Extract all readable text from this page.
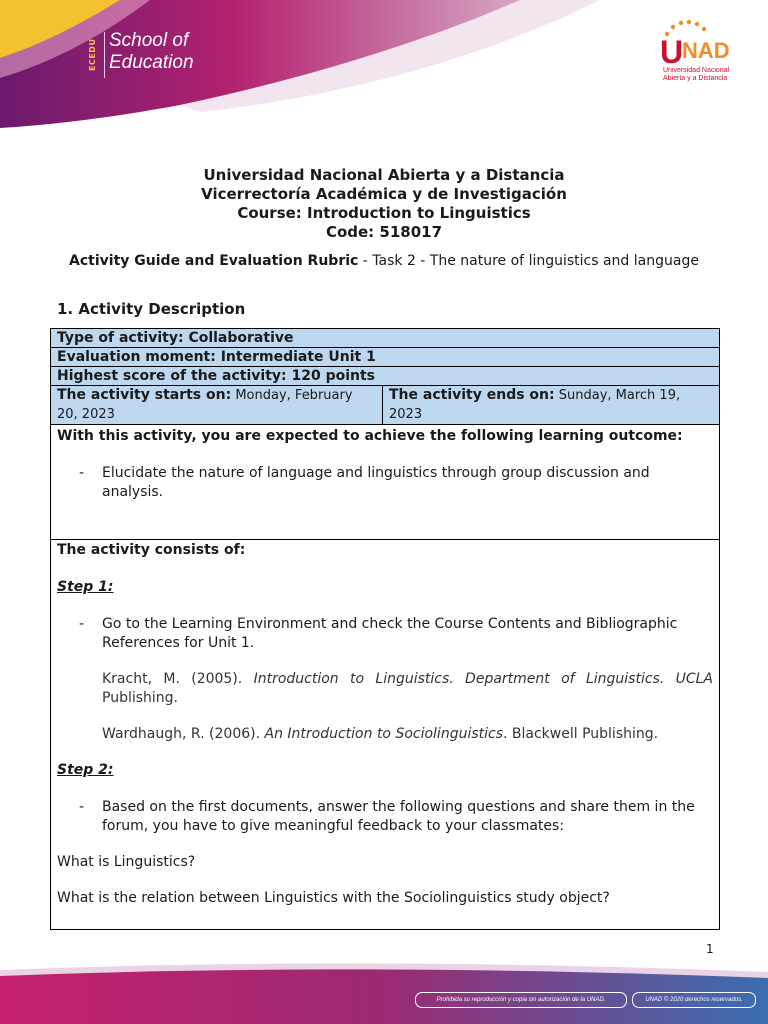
ECEDU School of
Education	U
NAD
Universidad Nacional
Abierta y a Distancia
Universidad Nacional Abierta y a Distancia
Vicerrectoría Académica y de Investigación
Course: Introduction to Linguistics
Code: 518017
Activity Guide and Evaluation Rubric - Task 2 - The nature of linguistics and language
1. Activity Description
Type of activity: Collaborative
Evaluation moment: Intermediate Unit 1
Highest score of the activity: 120 points
The activity starts on: Monday, February 20, 2023	The activity ends on: Sunday, March 19, 2023

With this activity, you are expected to achieve the following learning outcome:
- Elucidate the nature of language and linguistics through group discussion and analysis.

The activity consists of:
Step 1:
- Go to the Learning Environment and check the Course Contents and Bibliographic References for Unit 1.
Kracht, M. (2005). Introduction to Linguistics. Department of Linguistics. UCLA Publishing.
Wardhaugh, R. (2006). An Introduction to Sociolinguistics. Blackwell Publishing.
Step 2:
- Based on the first documents, answer the following questions and share them in the forum, you have to give meaningful feedback to your classmates:
What is Linguistics?
What is the relation between Linguistics with the Sociolinguistics study object?
1
Prohibida su reproducción y copia sin autorización de la UNAD.	UNAD © 2020 derechos reservados.
